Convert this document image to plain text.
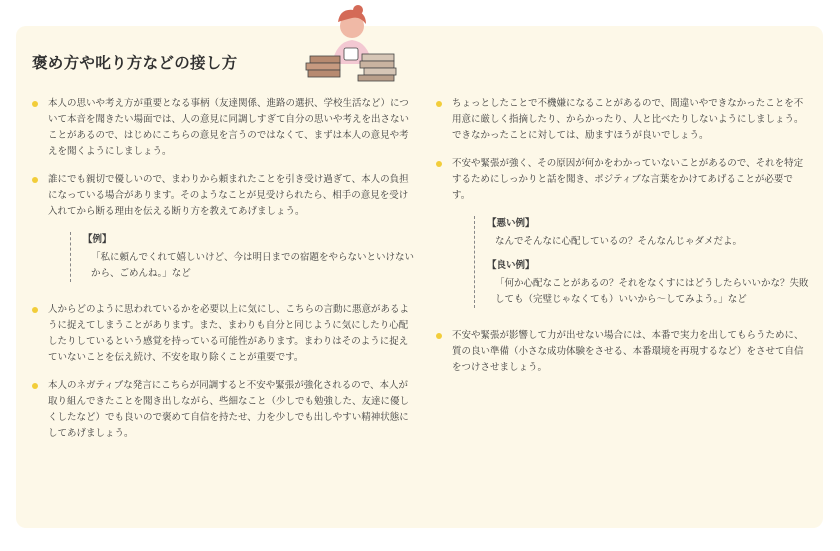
褒め方や叱り方などの接し方
本人の思いや考え方が重要となる事柄（友達関係、進路の選択、学校生活など）について本音を聞きたい場面では、人の意見に同調しすぎて自分の思いや考えを出さないことがあるので、はじめにこちらの意見を言うのではなくて、まずは本人の意見や考えを聞くようにしましょう。
誰にでも親切で優しいので、まわりから頼まれたことを引き受け過ぎて、本人の負担になっている場合があります。そのようなことが見受けられたら、相手の意見を受け入れてから断る理由を伝える断り方を教えてあげましょう。
【例】
「私に頼んでくれて嬉しいけど、今は明日までの宿題をやらないといけないから、ごめんね。」など
人からどのように思われているかを必要以上に気にし、こちらの言動に悪意があるように捉えてしまうことがあります。また、まわりも自分と同じように気にしたり心配したりしているという感覚を持っている可能性があります。まわりはそのように捉えていないことを伝え続け、不安を取り除くことが重要です。
本人のネガティブな発言にこちらが同調すると不安や緊張が強化されるので、本人が取り組んできたことを聞き出しながら、些細なこと（少しでも勉強した、友達に優しくしたなど）でも良いので褒めて自信を持たせ、力を少しでも出しやすい精神状態にしてあげましょう。
ちょっとしたことで不機嫌になることがあるので、間違いやできなかったことを不用意に厳しく指摘したり、からかったり、人と比べたりしないようにしましょう。できなかったことに対しては、励ますほうが良いでしょう。
不安や緊張が強く、その原因が何かをわかっていないことがあるので、それを特定するためにしっかりと話を聞き、ポジティブな言葉をかけてあげることが必要です。
【悪い例】
なんでそんなに心配しているの？そんなんじゃダメだよ。
【良い例】
「何か心配なことがあるの？それをなくすにはどうしたらいいかな？失敗しても（完璧じゃなくても）いいから〜してみよう。」など
不安や緊張が影響して力が出せない場合には、本番で実力を出してもらうために、質の良い準備（小さな成功体験をさせる、本番環境を再現するなど）をさせて自信をつけさせましょう。
